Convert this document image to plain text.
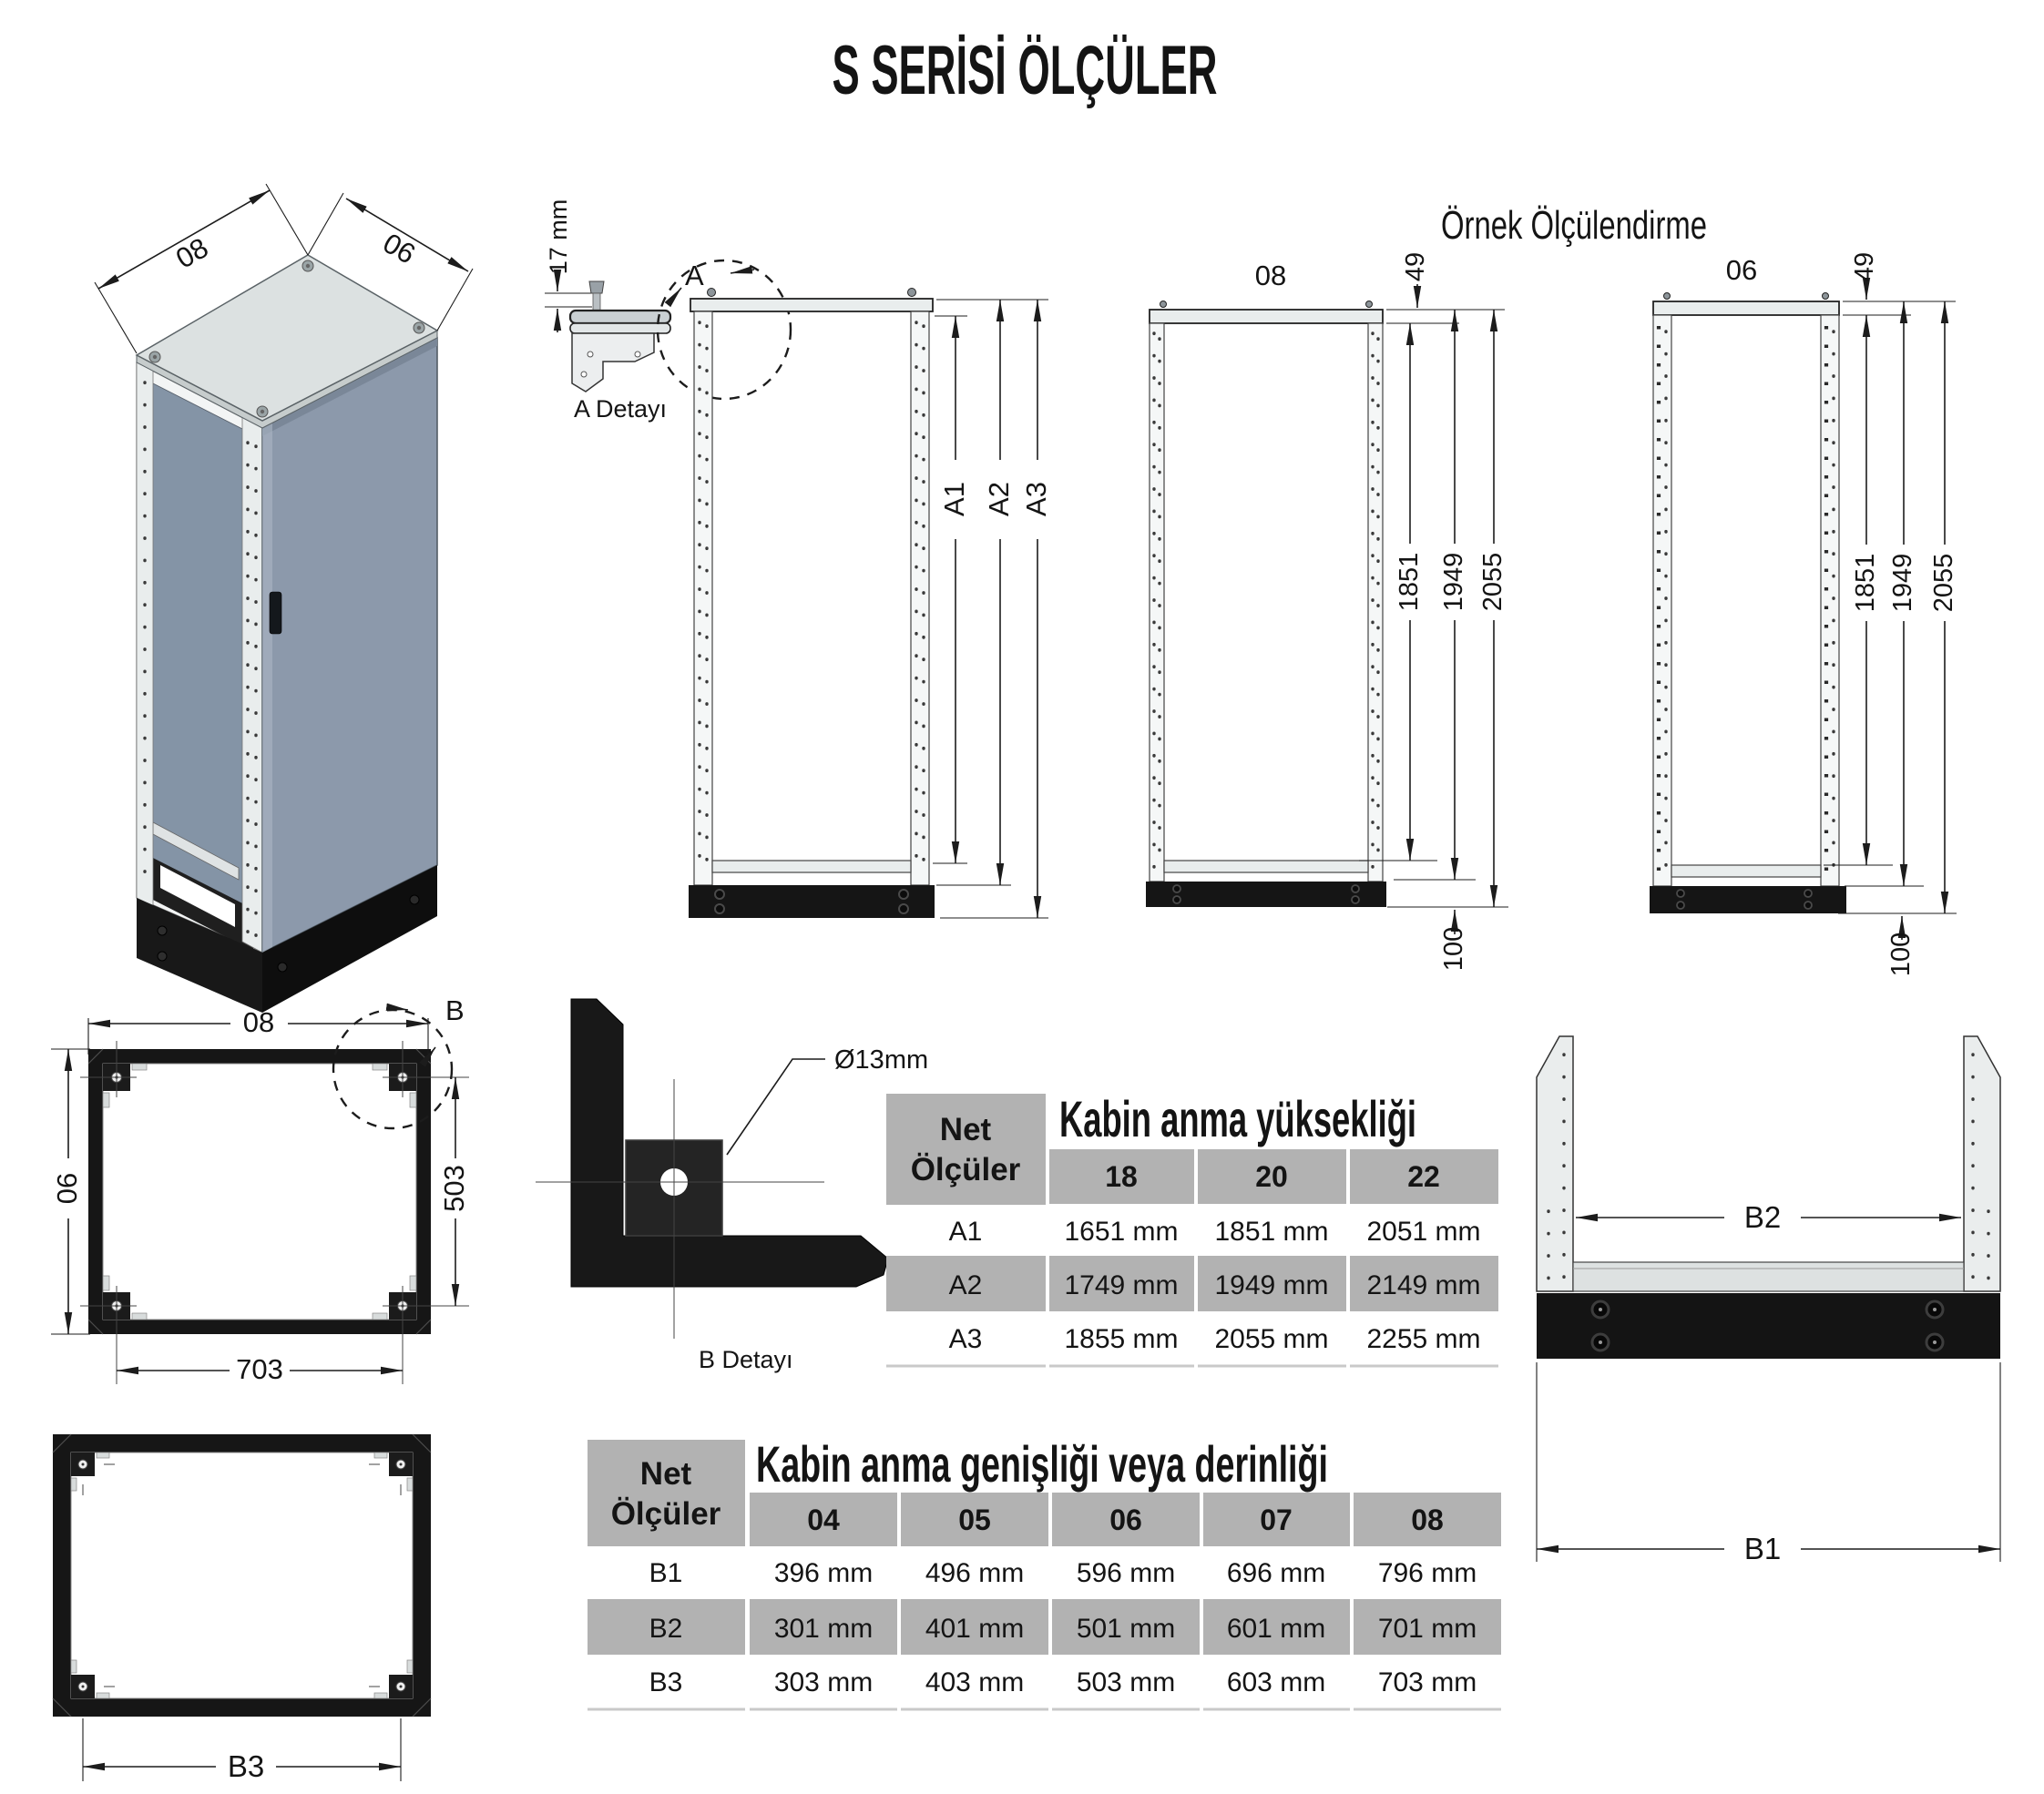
S SERİSİ ÖLÇÜLER
08	06	17 mm
A
A Detayı
A1 A2 A3
Örnek Ölçülendirme
08	49
1851 1949 2055
100
06	49
1851 1949 2055
100
08
06	503
703
B
Ø13mm
B Detayı
Net
Ölçüler
Kabin anma yüksekliği
18	20	22
A1	1651 mm 1851 mm 2051 mm
A2	1749 mm 1949 mm 2149 mm
A3	1855 mm 2055 mm 2255 mm
Net
Ölçüler
Kabin anma genişliği veya derinliği
04	05	06	07	08
B1	396 mm 496 mm 596 mm 696 mm 796 mm
B2	301 mm 401 mm 501 mm 601 mm 701 mm
B3	303 mm 403 mm 503 mm 603 mm 703 mm
B2
B1
B3
